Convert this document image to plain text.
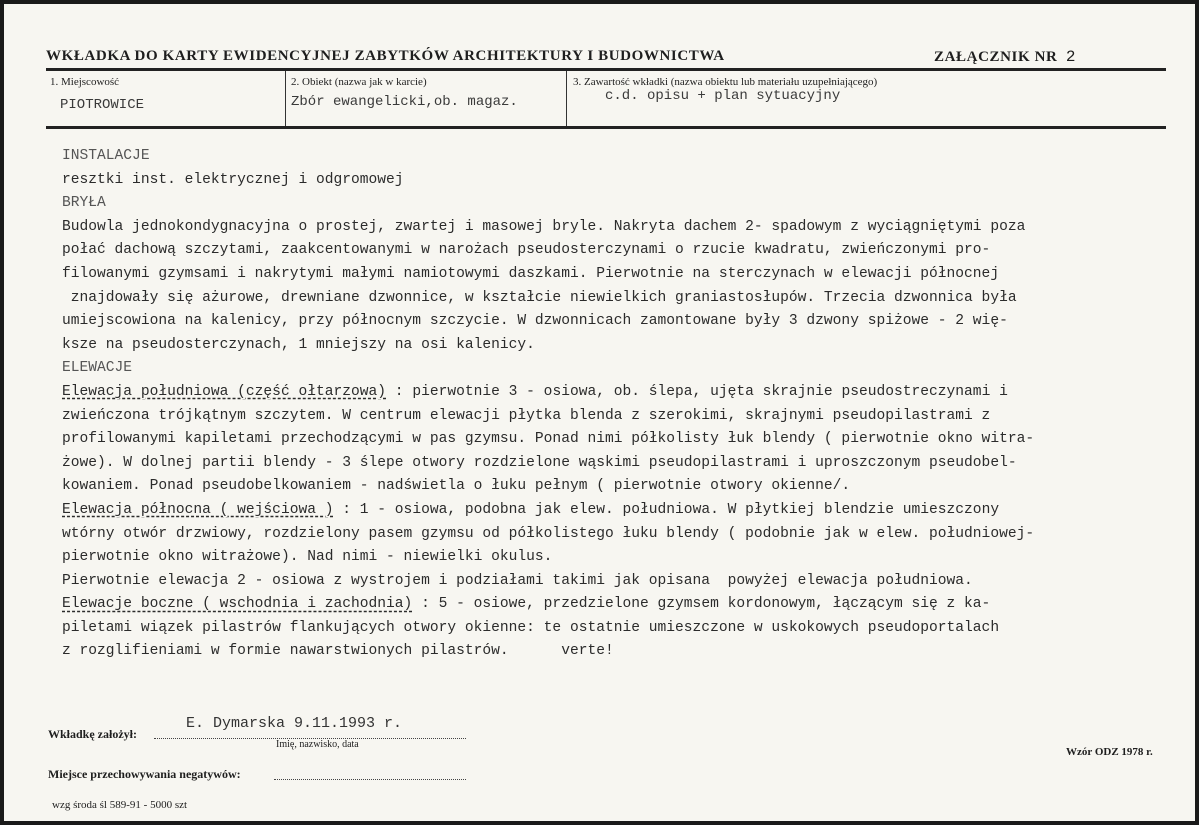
WKŁADKA DO KARTY EWIDENCYJNEJ ZABYTKÓW ARCHITEKTURY I BUDOWNICTWA	ZAŁĄCZNIK NR 2
1. Miejscowość
PIOTROWICE
2. Obiekt (nazwa jak w karcie)
Zbór ewangelicki,ob. magaz.
3. Zawartość wkładki (nazwa obiektu lub materiału uzupełniającego)
c.d. opisu + plan sytuacyjny
INSTALACJE
resztki inst. elektrycznej i odgromowej
BRYŁA
Budowla jednokondygnacyjna o prostej, zwartej i masowej bryle. Nakryta dachem 2- spadowym z wyciągniętymi poza
połać dachową szczytami, zaakcentowanymi w narożach pseudosterczynami o rzucie kwadratu, zwieńczonymi pro-
filowanymi gzymsami i nakrytymi małymi namiotowymi daszkami. Pierwotnie na sterczynach w elewacji północnej
znajdowały się ażurowe, drewniane dzwonnice, w kształcie niewielkich graniastosłupów. Trzecia dzwonnica była
umiejscowiona na kalenicy, przy północnym szczycie. W dzwonnicach zamontowane były 3 dzwony spiżowe - 2 wię-
ksze na pseudosterczynach, 1 mniejszy na osi kalenicy.
ELEWACJE
Elewacja południowa (część ołtarzowa) : pierwotnie 3 - osiowa, ob. ślepa, ujęta skrajnie pseudostreczynami i
zwieńczona trójkątnym szczytem. W centrum elewacji płytka blenda z szerokimi, skrajnymi pseudopilastrami z
profilowanymi kapiletami przechodzącymi w pas gzymsu. Ponad nimi półkolisty łuk blendy ( pierwotnie okno witra-
żowe). W dolnej partii blendy - 3 ślepe otwory rozdzielone wąskimi pseudopilastrami i uproszczonym pseudobel-
kowaniem. Ponad pseudobelkowaniem - nadświetla o łuku pełnym ( pierwotnie otwory okienne/.
Elewacja północna ( wejściowa ) : 1 - osiowa, podobna jak elew. południowa. W płytkiej blendzie umieszczony
wtórny otwór drzwiowy, rozdzielony pasem gzymsu od półkolistego łuku blendy ( podobnie jak w elew. południowej-
pierwotnie okno witrażowe). Nad nimi - niewielki okulus.
Pierwotnie elewacja 2 - osiowa z wystrojem i podziałami takimi jak opisana  powyżej elewacja południowa.
Elewacje boczne ( wschodnia i zachodnia) : 5 - osiowe, przedzielone gzymsem kordonowym, łączącym się z ka-
piletami wiązek pilastrów flankujących otwory okienne: te ostatnie umieszczone w uskokowych pseudoportalach
z rozglifieniami w formie nawarstwionych pilastrów.      verte!
Wkładkę założył:
E. Dymarska 9.11.1993 r.
Imię, nazwisko, data
Wzór ODZ 1978 r.
Miejsce przechowywania negatywów:
wzg środa śl 589-91 - 5000 szt
